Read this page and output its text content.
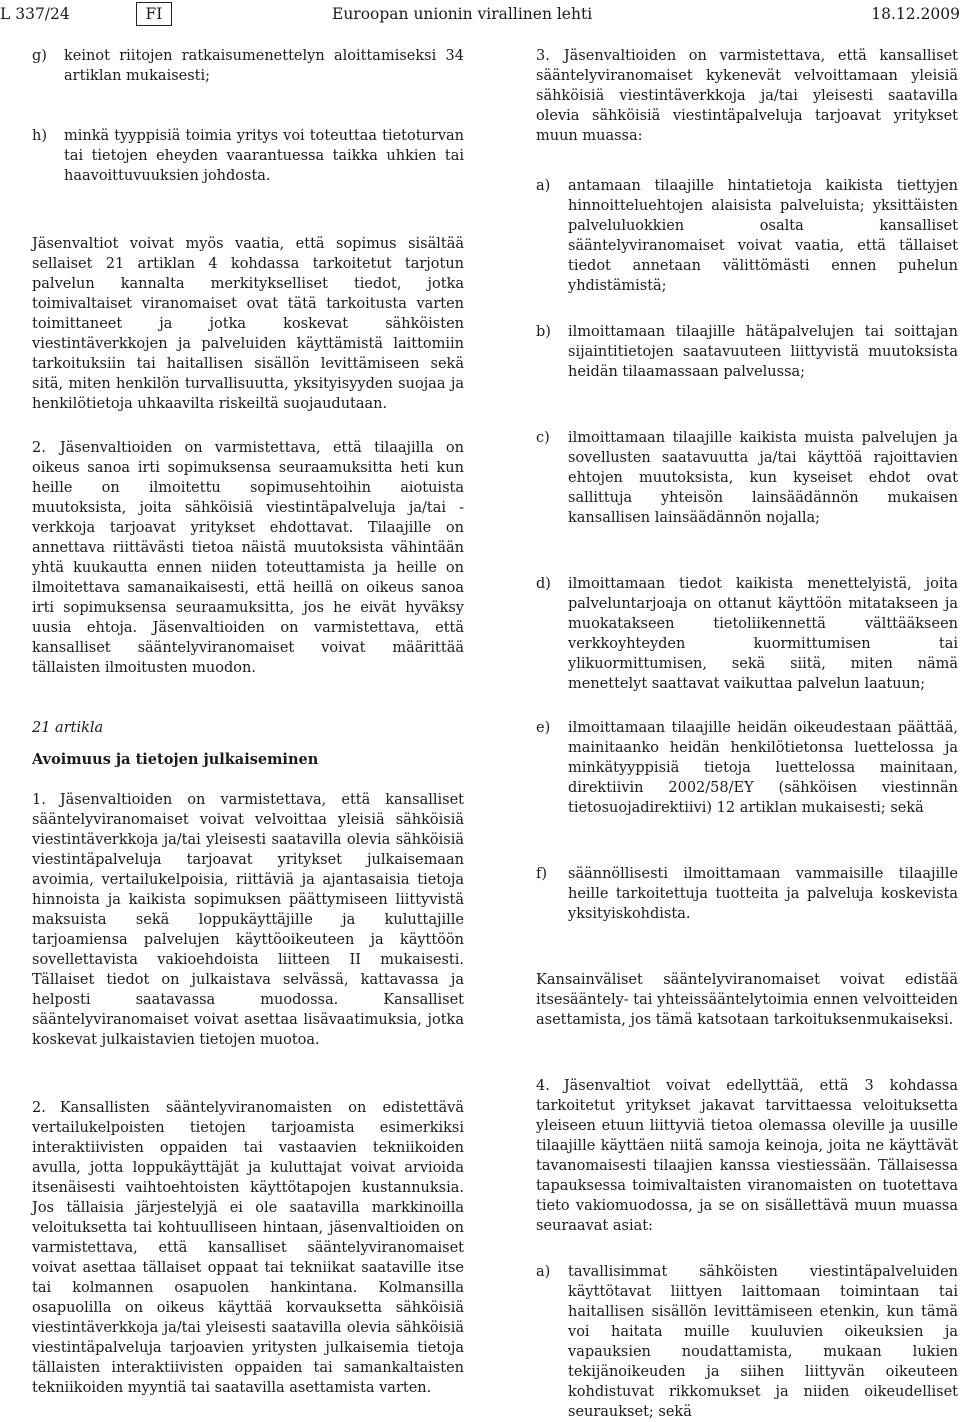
L 337/24	FI	Euroopan unionin virallinen lehti	18.12.2009
g)	keinot riitojen ratkaisumenettelyn aloittamiseksi 34 artiklan mukaisesti;
h)	minkä tyyppisiä toimia yritys voi toteuttaa tietoturvan tai tietojen eheyden vaarantuessa taikka uhkien tai haavoittuvuuksien johdosta.

Jäsenvaltiot voivat myös vaatia, että sopimus sisältää sellaiset 21 artiklan 4 kohdassa tarkoitetut tarjotun palvelun kannalta merkitykselliset tiedot, jotka toimivaltaiset viranomaiset ovat tätä tarkoitusta varten toimittaneet ja jotka koskevat sähköisten viestintäverkkojen ja palveluiden käyttämistä laittomiin tarkoituksiin tai haitallisen sisällön levittämiseen sekä sitä, miten henkilön turvallisuutta, yksityisyyden suojaa ja henkilötietoja uhkaavilta riskeiltä suojaudutaan.

2. Jäsenvaltioiden on varmistettava, että tilaajilla on oikeus sanoa irti sopimuksensa seuraamuksitta heti kun heille on ilmoitettu sopimusehtoihin aiotuista muutoksista, joita sähköisiä viestintäpalveluja ja/tai -verkkoja tarjoavat yritykset ehdottavat. Tilaajille on annettava riittävästi tietoa näistä muutoksista vähintään yhtä kuukautta ennen niiden toteuttamista ja heille on ilmoitettava samanaikaisesti, että heillä on oikeus sanoa irti sopimuksensa seuraamuksitta, jos he eivät hyväksy uusia ehtoja. Jäsenvaltioiden on varmistettava, että kansalliset sääntelyviranomaiset voivat määrittää tällaisten ilmoitusten muodon.

21 artikla

Avoimuus ja tietojen julkaiseminen

1. Jäsenvaltioiden on varmistettava, että kansalliset sääntelyviranomaiset voivat velvoittaa yleisiä sähköisiä viestintäverkkoja ja/tai yleisesti saatavilla olevia sähköisiä viestintäpalveluja tarjoavat yritykset julkaisemaan avoimia, vertailukelpoisia, riittäviä ja ajantasaisia tietoja hinnoista ja kaikista sopimuksen päättymiseen liittyvistä maksuista sekä loppukäyttäjille ja kuluttajille tarjoamiensa palvelujen käyttöoikeuteen ja käyttöön sovellettavista vakioehdoista liitteen II mukaisesti. Tällaiset tiedot on julkaistava selvässä, kattavassa ja helposti saatavassa muodossa. Kansalliset sääntelyviranomaiset voivat asettaa lisävaatimuksia, jotka koskevat julkaistavien tietojen muotoa.

2. Kansallisten sääntelyviranomaisten on edistettävä vertailukelpoisten tietojen tarjoamista esimerkiksi interaktiivisten oppaiden tai vastaavien tekniikoiden avulla, jotta loppukäyttäjät ja kuluttajat voivat arvioida itsenäisesti vaihtoehtoisten käyttötapojen kustannuksia. Jos tällaisia järjestelyjä ei ole saatavilla markkinoilla veloituksetta tai kohtuulliseen hintaan, jäsenvaltioiden on varmistettava, että kansalliset sääntelyviranomaiset voivat asettaa tällaiset oppaat tai tekniikat saataville itse tai kolmannen osapuolen hankintana. Kolmansilla osapuolilla on oikeus käyttää korvauksetta sähköisiä viestintäverkkoja ja/tai yleisesti saatavilla olevia sähköisiä viestintäpalveluja tarjoavien yritysten julkaisemia tietoja tällaisten interaktiivisten oppaiden tai samankaltaisten tekniikoiden myyntiä tai saatavilla asettamista varten.

3. Jäsenvaltioiden on varmistettava, että kansalliset sääntelyviranomaiset kykenevät velvoittamaan yleisiä sähköisiä viestintäverkkoja ja/tai yleisesti saatavilla olevia sähköisiä viestintäpalveluja tarjoavat yritykset muun muassa:

a)	antamaan tilaajille hintatietoja kaikista tiettyjen hinnoitteluehtojen alaisista palveluista; yksittäisten palveluluokkien osalta kansalliset sääntelyviranomaiset voivat vaatia, että tällaiset tiedot annetaan välittömästi ennen puhelun yhdistämistä;
b)	ilmoittamaan tilaajille hätäpalvelujen tai soittajan sijaintitietojen saatavuuteen liittyvistä muutoksista heidän tilaamassaan palvelussa;
c)	ilmoittamaan tilaajille kaikista muista palvelujen ja sovellusten saatavuutta ja/tai käyttöä rajoittavien ehtojen muutoksista, kun kyseiset ehdot ovat sallittuja yhteisön lainsäädännön mukaisen kansallisen lainsäädännön nojalla;
d)	ilmoittamaan tiedot kaikista menettelyistä, joita palveluntarjoaja on ottanut käyttöön mitatakseen ja muokatakseen tietoliikennettä välttääkseen verkkoyhteyden kuormittumisen tai ylikuormittumisen, sekä siitä, miten nämä menettelyt saattavat vaikuttaa palvelun laatuun;
e)	ilmoittamaan tilaajille heidän oikeudestaan päättää, mainitaanko heidän henkilötietonsa luettelossa ja minkätyyppisiä tietoja luettelossa mainitaan, direktiivin 2002/58/EY (sähköisen viestinnän tietosuojadirektiivi) 12 artiklan mukaisesti; sekä
f)	säännöllisesti ilmoittamaan vammaisille tilaajille heille tarkoitettuja tuotteita ja palveluja koskevista yksityiskohdista.

Kansainväliset sääntelyviranomaiset voivat edistää itsesääntely- tai yhteissääntelytoimia ennen velvoitteiden asettamista, jos tämä katsotaan tarkoituksenmukaiseksi.

4. Jäsenvaltiot voivat edellyttää, että 3 kohdassa tarkoitetut yritykset jakavat tarvittaessa veloituksetta yleiseen etuun liittyviä tietoa olemassa oleville ja uusille tilaajille käyttäen niitä samoja keinoja, joita ne käyttävät tavanomaisesti tilaajien kanssa viestiessään. Tällaisessa tapauksessa toimivaltaisten viranomaisten on tuotettava tieto vakiomuodossa, ja se on sisällettävä muun muassa seuraavat asiat:

a)	tavallisimmat sähköisten viestintäpalveluiden käyttötavat liittyen laittomaan toimintaan tai haitallisen sisällön levittämiseen etenkin, kun tämä voi haitata muille kuuluvien oikeuksien ja vapauksien noudattamista, mukaan lukien tekijänoikeuden ja siihen liittyvän oikeuteen kohdistuvat rikkomukset ja niiden oikeudelliset seuraukset; sekä
